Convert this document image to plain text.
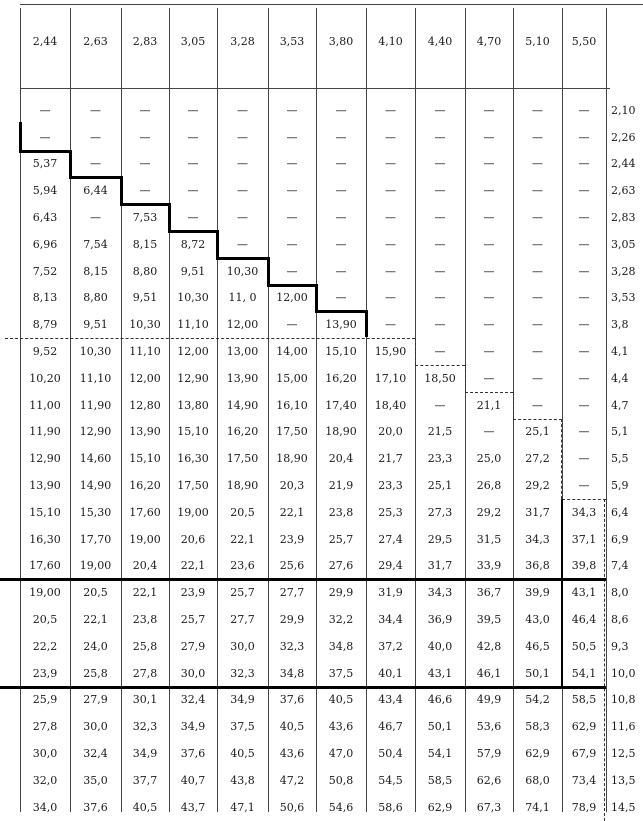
2,44	2,63	2,83	3,05	3,28	3,53	3,80	4,10	4,40	4,70	5,10	5,50
—	—	—	—	—	—	—	—	—	—	—	—	2,10
—	—	—	—	—	—	—	—	—	—	—	—	2,26
5,37	—	—	—	—	—	—	—	—	—	—	—	2,44
5,94	6,44	—	—	—	—	—	—	—	—	—	—	2,63
6,43	—	7,53	—	—	—	—	—	—	—	—	—	2,83
6,96	7,54	8,15	8,72	—	—	—	—	—	—	—	—	3,05
7,52	8,15	8,80	9,51	10,30	—	—	—	—	—	—	—	3,28
8,13	8,80	9,51	10,30	11, 0	12,00	—	—	—	—	—	—	3,53
8,79	9,51	10,30	11,10	12,00	—	13,90	—	—	—	—	—	3,8
9,52	10,30	11,10	12,00	13,00	14,00	15,10	15,90	—	—	—	—	4,1
10,20	11,10	12,00	12,90	13,90	15,00	16,20	17,10	18,50	—	—	—	4,4
11,00	11,90	12,80	13,80	14,90	16,10	17,40	18,40	—	21,1	—	—	4,7
11,90	12,90	13,90	15,10	16,20	17,50	18,90	20,0	21,5	—	25,1	—	5,1
12,90	14,60	15,10	16,30	17,50	18,90	20,4	21,7	23,3	25,0	27,2	—	5,5
13,90	14,90	16,20	17,50	18,90	20,3	21,9	23,3	25,1	26,8	29,2	—	5,9
15,10	15,30	17,60	19,00	20,5	22,1	23,8	25,3	27,3	29,2	31,7	34,3	6,4
16,30	17,70	19,00	20,6	22,1	23,9	25,7	27,4	29,5	31,5	34,3	37,1	6,9
17,60	19,00	20,4	22,1	23,6	25,6	27,6	29,4	31,7	33,9	36,8	39,8	7,4
19,00	20,5	22,1	23,9	25,7	27,7	29,9	31,9	34,3	36,7	39,9	43,1	8,0
20,5	22,1	23,8	25,7	27,7	29,9	32,2	34,4	36,9	39,5	43,0	46,4	8,6
22,2	24,0	25,8	27,9	30,0	32,3	34,8	37,2	40,0	42,8	46,5	50,5	9,3
23,9	25,8	27,8	30,0	32,3	34,8	37,5	40,1	43,1	46,1	50,1	54,1	10,0
25,9	27,9	30,1	32,4	34,9	37,6	40,5	43,4	46,6	49,9	54,2	58,5	10,8
27,8	30,0	32,3	34,9	37,5	40,5	43,6	46,7	50,1	53,6	58,3	62,9	11,6
30,0	32,4	34,9	37,6	40,5	43,6	47,0	50,4	54,1	57,9	62,9	67,9	12,5
32,0	35,0	37,7	40,7	43,8	47,2	50,8	54,5	58,5	62,6	68,0	73,4	13,5
34,0	37,6	40,5	43,7	47,1	50,6	54,6	58,6	62,9	67,3	74,1	78,9	14,5
